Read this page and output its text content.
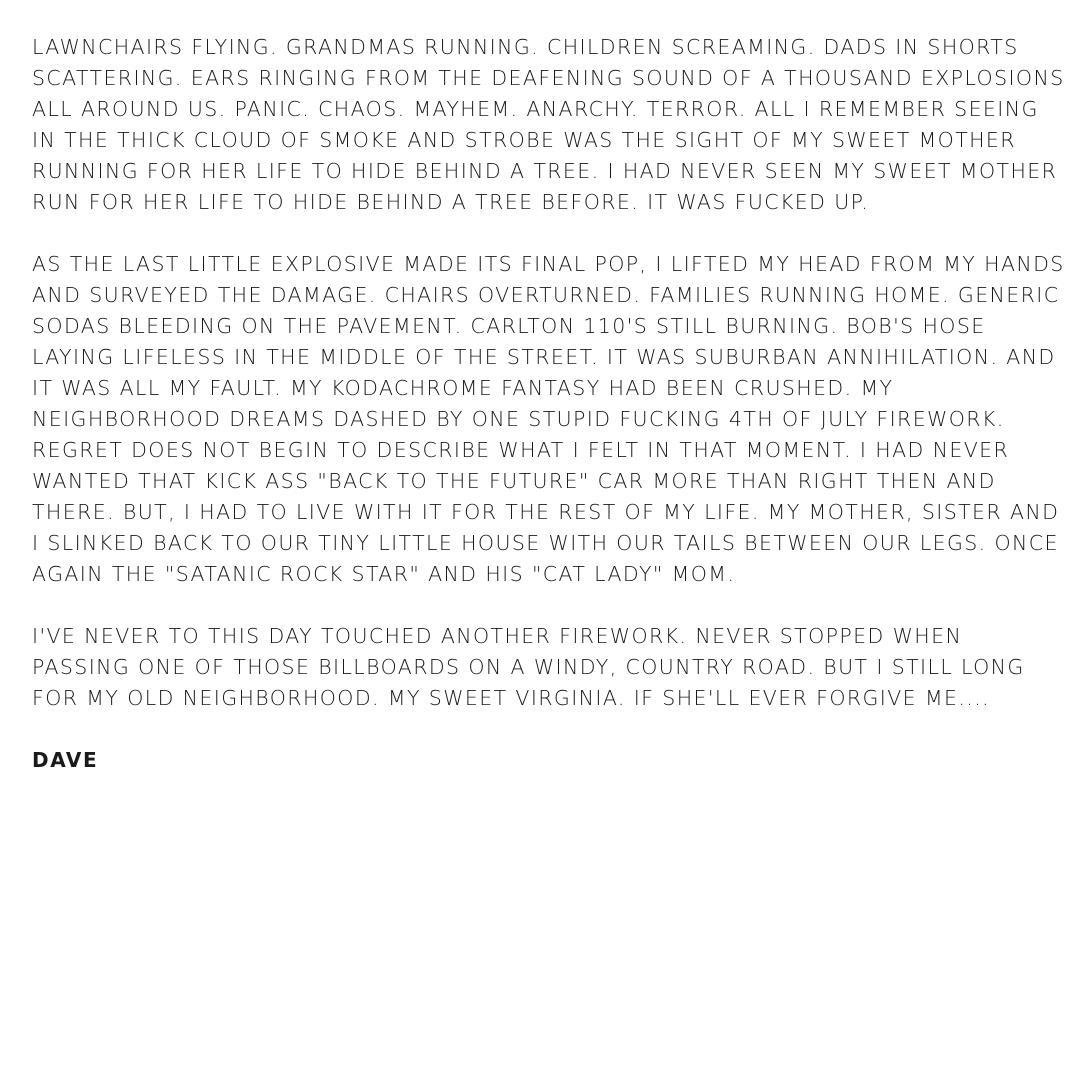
LAWNCHAIRS FLYING. GRANDMAS RUNNING. CHILDREN SCREAMING. DADS IN SHORTS
SCATTERING. EARS RINGING FROM THE DEAFENING SOUND OF A THOUSAND EXPLOSIONS
ALL AROUND US. PANIC. CHAOS. MAYHEM. ANARCHY. TERROR. ALL I REMEMBER SEEING
IN THE THICK CLOUD OF SMOKE AND STROBE WAS THE SIGHT OF MY SWEET MOTHER
RUNNING FOR HER LIFE TO HIDE BEHIND A TREE. I HAD NEVER SEEN MY SWEET MOTHER
RUN FOR HER LIFE TO HIDE BEHIND A TREE BEFORE. IT WAS FUCKED UP.
AS THE LAST LITTLE EXPLOSIVE MADE ITS FINAL POP, I LIFTED MY HEAD FROM MY HANDS
AND SURVEYED THE DAMAGE. CHAIRS OVERTURNED. FAMILIES RUNNING HOME. GENERIC
SODAS BLEEDING ON THE PAVEMENT. CARLTON 110'S STILL BURNING. BOB'S HOSE
LAYING LIFELESS IN THE MIDDLE OF THE STREET. IT WAS SUBURBAN ANNIHILATION. AND
IT WAS ALL MY FAULT. MY KODACHROME FANTASY HAD BEEN CRUSHED. MY
NEIGHBORHOOD DREAMS DASHED BY ONE STUPID FUCKING 4TH OF JULY FIREWORK.
REGRET DOES NOT BEGIN TO DESCRIBE WHAT I FELT IN THAT MOMENT. I HAD NEVER
WANTED THAT KICK ASS "BACK TO THE FUTURE" CAR MORE THAN RIGHT THEN AND
THERE. BUT, I HAD TO LIVE WITH IT FOR THE REST OF MY LIFE. MY MOTHER, SISTER AND
I SLINKED BACK TO OUR TINY LITTLE HOUSE WITH OUR TAILS BETWEEN OUR LEGS. ONCE
AGAIN THE "SATANIC ROCK STAR" AND HIS "CAT LADY" MOM.
I'VE NEVER TO THIS DAY TOUCHED ANOTHER FIREWORK. NEVER STOPPED WHEN
PASSING ONE OF THOSE BILLBOARDS ON A WINDY, COUNTRY ROAD. BUT I STILL LONG
FOR MY OLD NEIGHBORHOOD. MY SWEET VIRGINIA. IF SHE'LL EVER FORGIVE ME....
DAVE
